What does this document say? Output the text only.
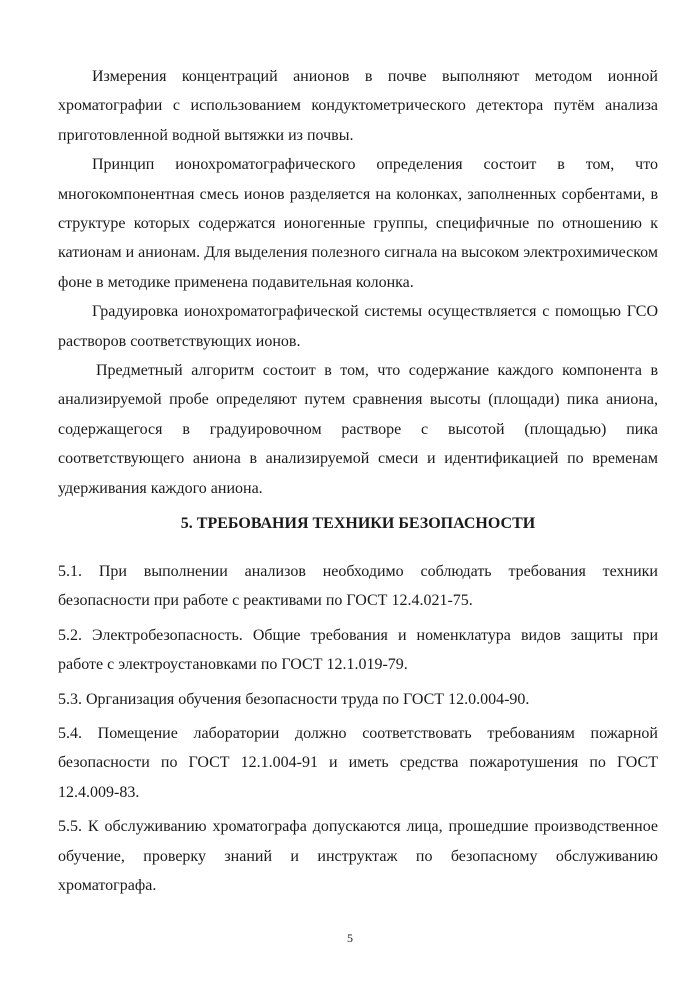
Измерения концентраций анионов в почве выполняют методом ионной хроматографии с использованием кондуктометрического детектора путём анализа приготовленной водной вытяжки из почвы.

Принцип ионохроматографического определения состоит в том, что многокомпонентная смесь ионов разделяется на колонках, заполненных сорбентами, в структуре которых содержатся ионогенные группы, специфичные по отношению к катионам и анионам. Для выделения полезного сигнала на высоком электрохимическом фоне в методике применена подавительная колонка.

Градуировка ионохроматографической системы осуществляется с помощью ГСО растворов соответствующих ионов.

Предметный алгоритм состоит в том, что содержание каждого компонента в анализируемой пробе определяют путем сравнения высоты (площади) пика аниона, содержащегося в градуировочном растворе с высотой (площадью) пика соответствующего аниона в анализируемой смеси и идентификацией по временам удерживания каждого аниона.

5. ТРЕБОВАНИЯ ТЕХНИКИ БЕЗОПАСНОСТИ

5.1. При выполнении анализов необходимо соблюдать требования техники безопасности при работе с реактивами по ГОСТ 12.4.021-75.

5.2. Электробезопасность. Общие требования и номенклатура видов защиты при работе с электроустановками по ГОСТ 12.1.019-79.

5.3. Организация обучения безопасности труда по ГОСТ 12.0.004-90.

5.4. Помещение лаборатории должно соответствовать требованиям пожарной безопасности по ГОСТ 12.1.004-91 и иметь средства пожаротушения по ГОСТ 12.4.009-83.

5.5. К обслуживанию хроматографа допускаются лица, прошедшие производственное обучение, проверку знаний и инструктаж по безопасному обслуживанию хроматографа.

5
